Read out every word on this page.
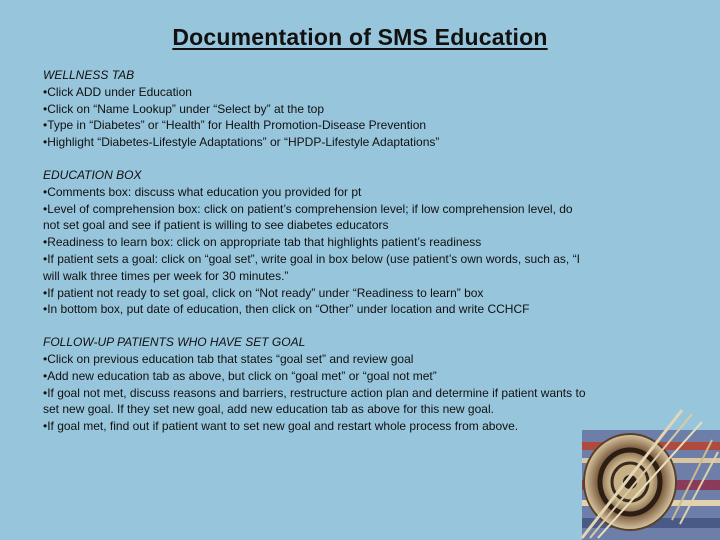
Documentation of SMS Education
WELLNESS TAB
• Click ADD under Education
• Click on “Name Lookup” under “Select by” at the top
• Type in “Diabetes” or “Health” for Health Promotion-Disease Prevention
• Highlight “Diabetes-Lifestyle Adaptations” or “HPDP-Lifestyle Adaptations”
EDUCATION BOX
• Comments box: discuss what education you provided for pt
• Level of comprehension box: click on patient’s comprehension level; if low comprehension level, do not set goal and see if patient is willing to see diabetes educators
• Readiness to learn box: click on appropriate tab that highlights patient’s readiness
• If patient sets a goal: click on “goal set”, write goal in box below (use patient’s own words, such as, “I will walk three times per week for 30 minutes.”
• If patient not ready to set goal, click on “Not ready” under “Readiness to learn” box
• In bottom box, put date of education, then click on “Other” under location and write CCHCF
FOLLOW-UP PATIENTS WHO HAVE SET GOAL
• Click on previous education tab that states “goal set” and review goal
• Add new education tab as above, but click on “goal met” or “goal not met”
• If goal not met, discuss reasons and barriers, restructure action plan and determine if patient wants to set new goal. If they set new goal, add new education tab as above for this new goal.
• If goal met, find out if patient want to set new goal and restart whole process from above.
